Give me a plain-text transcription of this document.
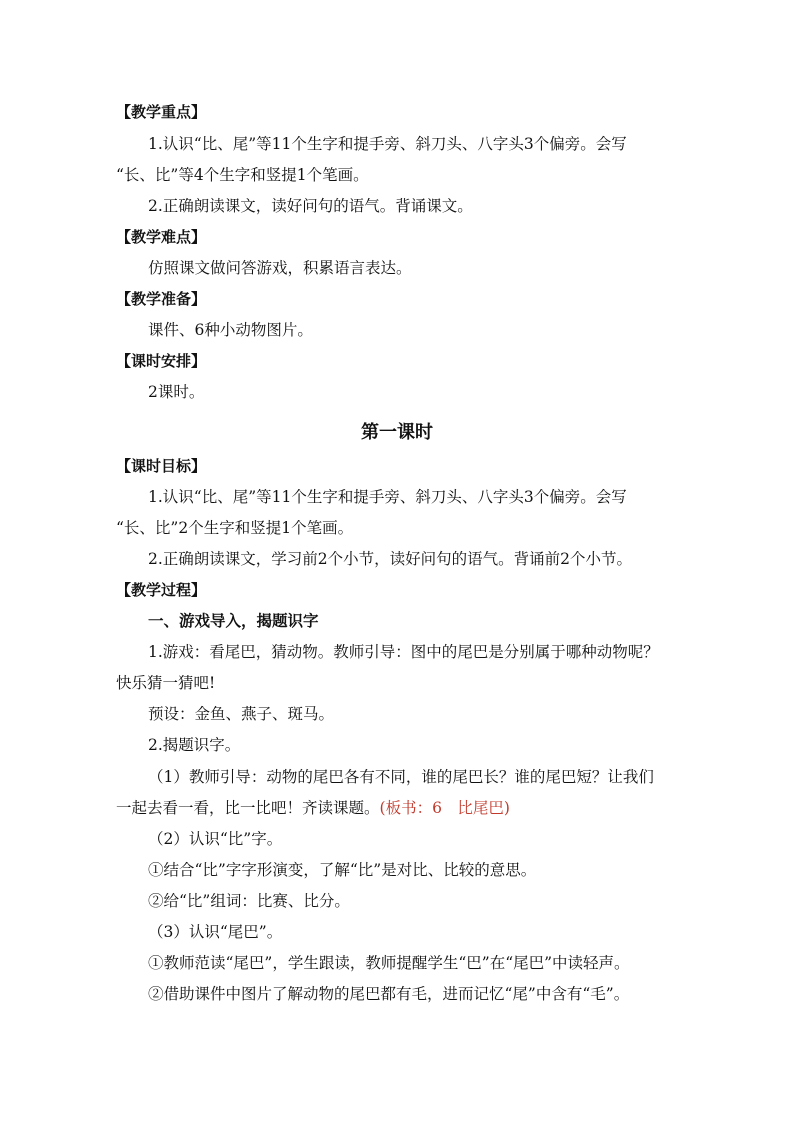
【教学重点】
1.认识“比、尾”等11个生字和提手旁、斜刀头、八字头3个偏旁。会写
“长、比”等4个生字和竖提1个笔画。
2.正确朗读课文，读好问句的语气。背诵课文。
【教学难点】
仿照课文做问答游戏，积累语言表达。
【教学准备】
课件、6种小动物图片。
【课时安排】
2课时。
第一课时
【课时目标】
1.认识“比、尾”等11个生字和提手旁、斜刀头、八字头3个偏旁。会写
“长、比”2个生字和竖提1个笔画。
2.正确朗读课文，学习前2个小节，读好问句的语气。背诵前2个小节。
【教学过程】
一、游戏导入，揭题识字
1.游戏：看尾巴，猜动物。教师引导：图中的尾巴是分别属于哪种动物呢？
快乐猜一猜吧!
预设：金鱼、燕子、斑马。
2.揭题识字。
（1）教师引导：动物的尾巴各有不同，谁的尾巴长？谁的尾巴短？让我们
一起去看一看，比一比吧！齐读课题。(板书：6　比尾巴)
（2）认识“比”字。
①结合“比”字字形演变，了解“比”是对比、比较的意思。
②给“比”组词：比赛、比分。
（3）认识“尾巴”。
①教师范读“尾巴”，学生跟读，教师提醒学生“巴”在“尾巴”中读轻声。
②借助课件中图片了解动物的尾巴都有毛，进而记忆“尾”中含有“毛”。
